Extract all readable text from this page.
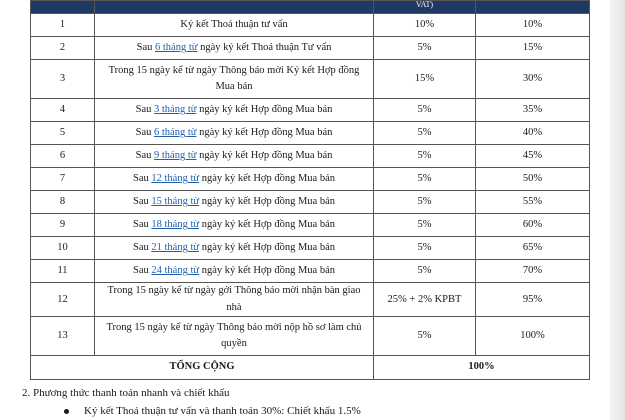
		VAT)	
1	Ký kết Thoả thuận tư vấn	10%	10%
2	Sau 6 tháng từ ngày ký kết Thoả thuận Tư vấn	5%	15%
3	Trong 15 ngày kể từ ngày Thông báo mời Ký kết Hợp đồng Mua bán	15%	30%
4	Sau 3 tháng từ ngày ký kết Hợp đồng Mua bán	5%	35%
5	Sau 6 tháng từ ngày ký kết Hợp đồng Mua bán	5%	40%
6	Sau 9 tháng từ ngày ký kết Hợp đồng Mua bán	5%	45%
7	Sau 12 tháng từ ngày ký kết Hợp đồng Mua bán	5%	50%
8	Sau 15 tháng từ ngày ký kết Hợp đồng Mua bán	5%	55%
9	Sau 18 tháng từ ngày ký kết Hợp đồng Mua bán	5%	60%
10	Sau 21 tháng từ ngày ký kết Hợp đồng Mua bán	5%	65%
11	Sau 24 tháng từ ngày ký kết Hợp đồng Mua bán	5%	70%
12	Trong 15 ngày kể từ ngày gởi Thông báo mời nhận bàn giao nhà	25% + 2% KPBT	95%
13	Trong 15 ngày kể từ ngày Thông báo mời nộp hồ sơ làm chủ quyền	5%	100%
TỔNG CỘNG		100%	
2. Phương thức thanh toán nhanh và chiết khấu
Ký kết Thoả thuận tư vấn và thanh toán 30%: Chiết khấu 1.5%
